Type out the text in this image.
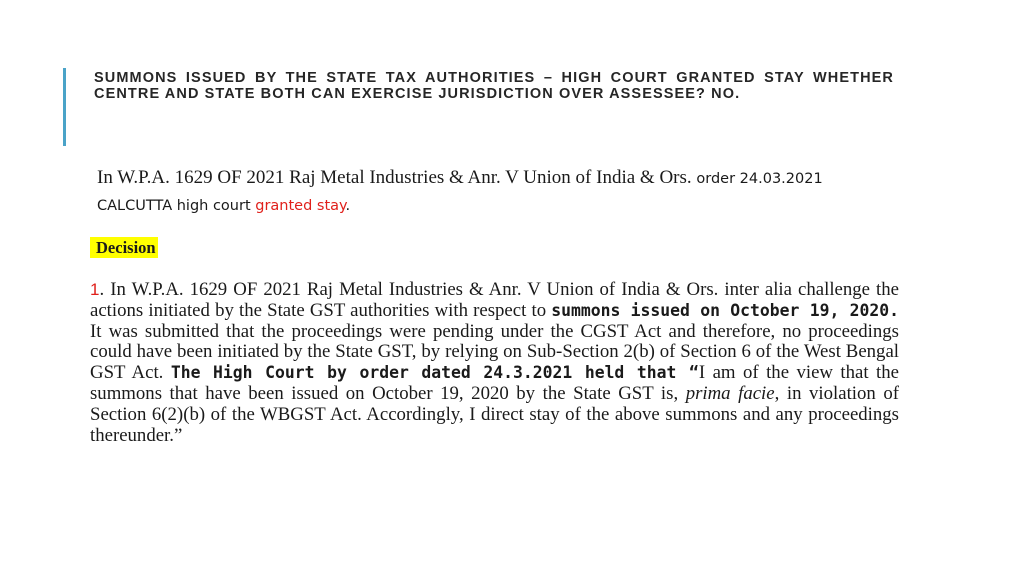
SUMMONS ISSUED BY THE STATE TAX AUTHORITIES – HIGH COURT GRANTED STAY WHETHER CENTRE AND STATE BOTH CAN EXERCISE JURISDICTION OVER ASSESSEE? NO.
In W.P.A. 1629 OF 2021 Raj Metal Industries & Anr. V Union of India & Ors. order 24.03.2021 CALCUTTA high court granted stay.
Decision
1. In W.P.A. 1629 OF 2021 Raj Metal Industries & Anr. V Union of India & Ors. inter alia challenge the actions initiated by the State GST authorities with respect to summons issued on October 19, 2020. It was submitted that the proceedings were pending under the CGST Act and therefore, no proceedings could have been initiated by the State GST, by relying on Sub-Section 2(b) of Section 6 of the West Bengal GST Act. The High Court by order dated 24.3.2021 held that “I am of the view that the summons that have been issued on October 19, 2020 by the State GST is, prima facie, in violation of Section 6(2)(b) of the WBGST Act. Accordingly, I direct stay of the above summons and any proceedings thereunder.”
